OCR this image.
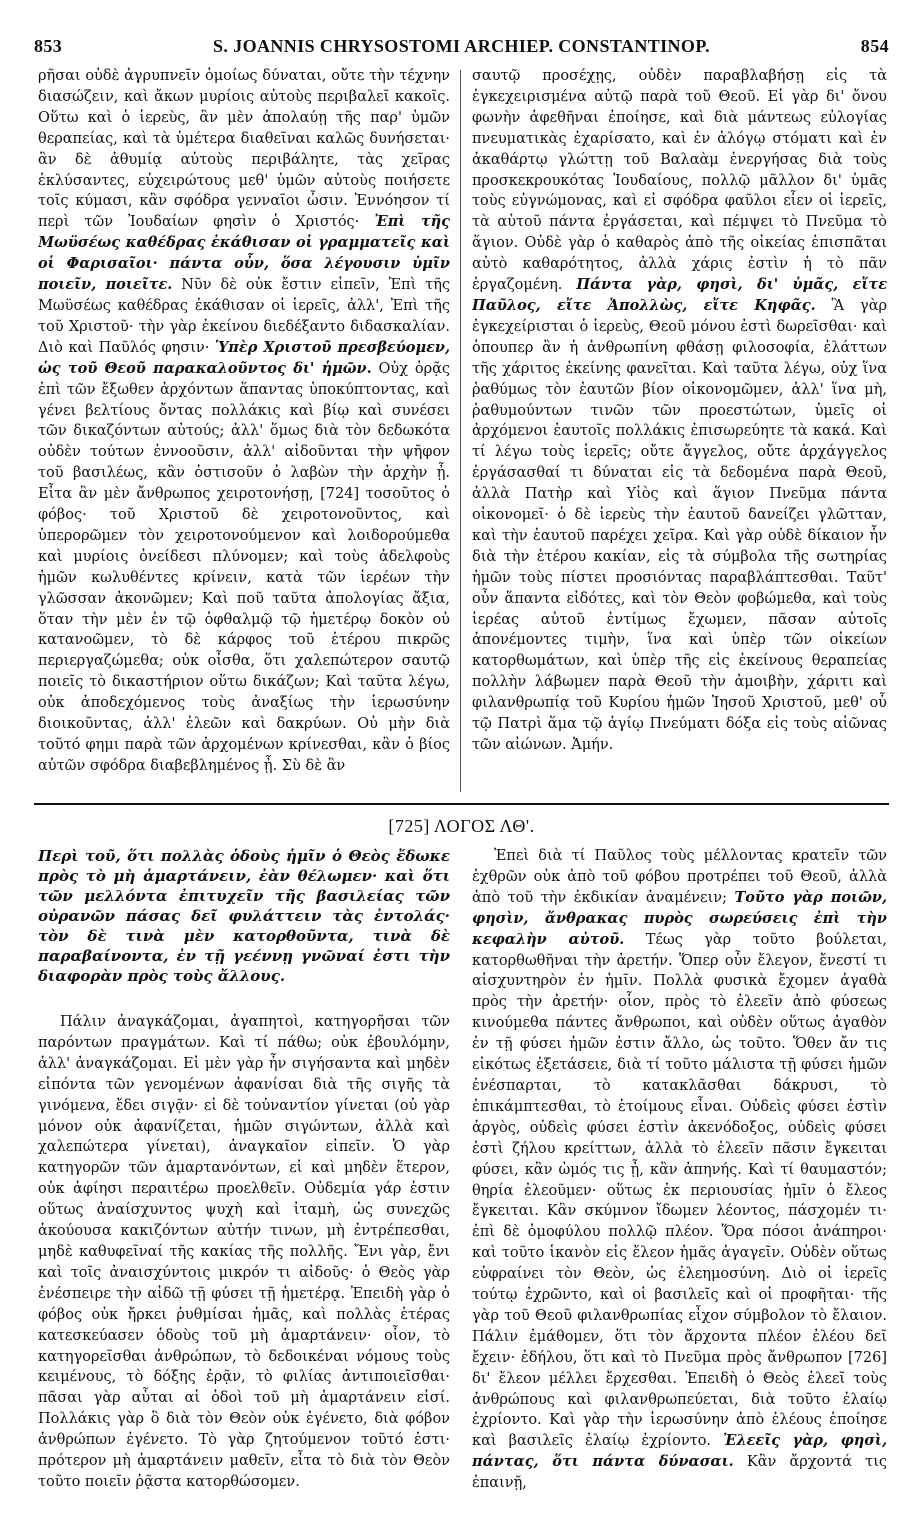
853	S. JOANNIS CHRYSOSTOMI ARCHIEP. CONSTANTINOP.	854

ρῆσαι οὐδὲ ἀγρυπνεῖν ὁμοίως δύναται, οὔτε τὴν τέχνην διασώζειν, καὶ ἄκων μυρίοις αὐτοὺς περιβαλεῖ κακοῖς. Οὕτω καὶ ὁ ἱερεὺς, ἂν μὲν ἀπολαύῃ τῆς παρ' ὑμῶν θεραπείας, καὶ τὰ ὑμέτερα διαθεῖναι καλῶς δυνήσεται· ἂν δὲ ἀθυμίᾳ αὐτοὺς περιβάλητε, τὰς χεῖρας ἐκλύσαντες, εὐχειρώτους μεθ' ὑμῶν αὐτοὺς ποιήσετε τοῖς κύμασι, κἂν σφόδρα γενναῖοι ὦσιν. Ἐννόησον τί περὶ τῶν Ἰουδαίων φησὶν ὁ Χριστός· Ἐπὶ τῆς Μωϋσέως καθέδρας ἐκάθισαν οἱ γραμματεῖς καὶ οἱ Φαρισαῖοι· πάντα οὖν, ὅσα λέγουσιν ὑμῖν ποιεῖν, ποιεῖτε. Νῦν δὲ οὐκ ἔστιν εἰπεῖν, Ἐπὶ τῆς Μωϋσέως καθέδρας ἐκάθισαν οἱ ἱερεῖς, ἀλλ', Ἐπὶ τῆς τοῦ Χριστοῦ· τὴν γὰρ ἐκείνου διεδέξαντο διδασκαλίαν. Διὸ καὶ Παῦλός φησιν· Ὑπὲρ Χριστοῦ πρεσβεύομεν, ὡς τοῦ Θεοῦ παρακαλοῦντος δι' ἡμῶν. Οὐχ ὁρᾷς ἐπὶ τῶν ἔξωθεν ἀρχόντων ἅπαντας ὑποκύπτοντας, καὶ γένει βελτίους ὄντας πολλάκις καὶ βίῳ καὶ συνέσει τῶν δικαζόντων αὐτούς; ἀλλ' ὅμως διὰ τὸν δεδωκότα οὐδὲν τούτων ἐννοοῦσιν, ἀλλ' αἰδοῦνται τὴν ψῆφον τοῦ βασιλέως, κἂν ὁστισοῦν ὁ λαβὼν τὴν ἀρχὴν ᾖ. Εἶτα ἂν μὲν ἄνθρωπος χειροτονήσῃ, [724] τοσοῦτος ὁ φόβος· τοῦ Χριστοῦ δὲ χειροτονοῦντος, καὶ ὑπερορῶμεν τὸν χειροτονούμενον καὶ λοιδορούμεθα καὶ μυρίοις ὀνείδεσι πλύνομεν; καὶ τοὺς ἀδελφοὺς ἡμῶν κωλυθέντες κρίνειν, κατὰ τῶν ἱερέων τὴν γλῶσσαν ἀκονῶμεν; Καὶ ποῦ ταῦτα ἀπολογίας ἄξια, ὅταν τὴν μὲν ἐν τῷ ὀφθαλμῷ τῷ ἡμετέρῳ δοκὸν οὐ κατανοῶμεν, τὸ δὲ κάρφος τοῦ ἑτέρου πικρῶς περιεργαζώμεθα; οὐκ οἶσθα, ὅτι χαλεπώτερον σαυτῷ ποιεῖς τὸ δικαστήριον οὕτω δικάζων; Καὶ ταῦτα λέγω, οὐκ ἀποδεχόμενος τοὺς ἀναξίως τὴν ἱερωσύνην διοικοῦντας, ἀλλ' ἐλεῶν καὶ δακρύων. Οὐ μὴν διὰ τοῦτό φημι παρὰ τῶν ἀρχομένων κρίνεσθαι, κἂν ὁ βίος αὐτῶν σφόδρα διαβεβλημένος ᾖ. Σὺ δὲ ἂν

σαυτῷ προσέχῃς, οὐδὲν παραβλαβήσῃ εἰς τὰ ἐγκεχειρισμένα αὐτῷ παρὰ τοῦ Θεοῦ. Εἰ γὰρ δι' ὄνου φωνὴν ἀφεθῆναι ἐποίησε, καὶ διὰ μάντεως εὐλογίας πνευματικὰς ἐχαρίσατο, καὶ ἐν ἀλόγῳ στόματι καὶ ἐν ἀκαθάρτῳ γλώττῃ τοῦ Βαλαὰμ ἐνεργήσας διὰ τοὺς προσκεκρουκότας Ἰουδαίους, πολλῷ μᾶλλον δι' ὑμᾶς τοὺς εὐγνώμονας, καὶ εἰ σφόδρα φαῦλοι εἶεν οἱ ἱερεῖς, τὰ αὑτοῦ πάντα ἐργάσεται, καὶ πέμψει τὸ Πνεῦμα τὸ ἅγιον. Οὐδὲ γὰρ ὁ καθαρὸς ἀπὸ τῆς οἰκείας ἐπισπᾶται αὐτὸ καθαρότητος, ἀλλὰ χάρις ἐστὶν ἡ τὸ πᾶν ἐργαζομένη. Πάντα γὰρ, φησὶ, δι' ὑμᾶς, εἴτε Παῦλος, εἴτε Ἀπολλὼς, εἴτε Κηφᾶς. Ἃ γὰρ ἐγκεχείρισται ὁ ἱερεὺς, Θεοῦ μόνου ἐστὶ δωρεῖσθαι· καὶ ὁπουπερ ἂν ἡ ἀνθρωπίνη φθάσῃ φιλοσοφία, ἐλάττων τῆς χάριτος ἐκείνης φανεῖται. Καὶ ταῦτα λέγω, οὐχ ἵνα ῥαθύμως τὸν ἑαυτῶν βίον οἰκονομῶμεν, ἀλλ' ἵνα μὴ, ῥαθυμούντων τινῶν τῶν προεστώτων, ὑμεῖς οἱ ἀρχόμενοι ἑαυτοῖς πολλάκις ἐπισωρεύητε τὰ κακά. Καὶ τί λέγω τοὺς ἱερεῖς; οὔτε ἄγγελος, οὔτε ἀρχάγγελος ἐργάσασθαί τι δύναται εἰς τὰ δεδομένα παρὰ Θεοῦ, ἀλλὰ Πατὴρ καὶ Υἱὸς καὶ ἅγιον Πνεῦμα πάντα οἰκονομεῖ· ὁ δὲ ἱερεὺς τὴν ἑαυτοῦ δανείζει γλῶτταν, καὶ τὴν ἑαυτοῦ παρέχει χεῖρα. Καὶ γὰρ οὐδὲ δίκαιον ἦν διὰ τὴν ἑτέρου κακίαν, εἰς τὰ σύμβολα τῆς σωτηρίας ἡμῶν τοὺς πίστει προσιόντας παραβλάπτεσθαι. Ταῦτ' οὖν ἅπαντα εἰδότες, καὶ τὸν Θεὸν φοβώμεθα, καὶ τοὺς ἱερέας αὐτοῦ ἐντίμως ἔχωμεν, πᾶσαν αὐτοῖς ἀπονέμοντες τιμὴν, ἵνα καὶ ὑπὲρ τῶν οἰκείων κατορθωμάτων, καὶ ὑπὲρ τῆς εἰς ἐκείνους θεραπείας πολλὴν λάβωμεν παρὰ Θεοῦ τὴν ἀμοιβὴν, χάριτι καὶ φιλανθρωπίᾳ τοῦ Κυρίου ἡμῶν Ἰησοῦ Χριστοῦ, μεθ' οὗ τῷ Πατρὶ ἅμα τῷ ἁγίῳ Πνεύματι δόξα εἰς τοὺς αἰῶνας τῶν αἰώνων. Ἀμήν.

[725] ΛΟΓΟΣ ΛΘ'.

Περὶ τοῦ, ὅτι πολλὰς ὁδοὺς ἡμῖν ὁ Θεὸς ἔδωκε πρὸς τὸ μὴ ἁμαρτάνειν, ἐὰν θέλωμεν· καὶ ὅτι τῶν μελλόντα ἐπιτυχεῖν τῆς βασιλείας τῶν οὐρανῶν πάσας δεῖ φυλάττειν τὰς ἐντολάς· τὸν δὲ τινὰ μὲν κατορθοῦντα, τινὰ δὲ παραβαίνοντα, ἐν τῇ γεέννῃ γνῶναί ἐστι τὴν διαφορὰν πρὸς τοὺς ἄλλους.

Πάλιν ἀναγκάζομαι, ἀγαπητοὶ, κατηγορῆσαι τῶν παρόντων πραγμάτων. Καὶ τί πάθω; οὐκ ἐβουλόμην, ἀλλ' ἀναγκάζομαι. Εἰ μὲν γὰρ ἦν σιγήσαντα καὶ μηδὲν εἰπόντα τῶν γενομένων ἀφανίσαι διὰ τῆς σιγῆς τὰ γινόμενα, ἔδει σιγᾷν· εἰ δὲ τοὐναντίον γίνεται (οὐ γὰρ μόνον οὐκ ἀφανίζεται, ἡμῶν σιγώντων, ἀλλὰ καὶ χαλεπώτερα γίνεται), ἀναγκαῖον εἰπεῖν. Ὁ γὰρ κατηγορῶν τῶν ἁμαρτανόντων, εἰ καὶ μηδὲν ἕτερον, οὐκ ἀφίησι περαιτέρω προελθεῖν. Οὐδεμία γάρ ἐστιν οὕτως ἀναίσχυντος ψυχὴ καὶ ἰταμὴ, ὡς συνεχῶς ἀκούουσα κακιζόντων αὐτήν τινων, μὴ ἐντρέπεσθαι, μηδὲ καθυφεῖναί τῆς κακίας τῆς πολλῆς. Ἔνι γὰρ, ἔνι καὶ τοῖς ἀναισχύντοις μικρόν τι αἰδοῦς· ὁ Θεὸς γὰρ ἐνέσπειρε τὴν αἰδῶ τῇ φύσει τῇ ἡμετέρᾳ. Ἐπειδὴ γὰρ ὁ φόβος οὐκ ἤρκει ῥυθμίσαι ἡμᾶς, καὶ πολλὰς ἑτέρας κατεσκεύασεν ὁδοὺς τοῦ μὴ ἁμαρτάνειν· οἷον, τὸ κατηγορεῖσθαι ἀνθρώπων, τὸ δεδοικέναι νόμους τοὺς κειμένους, τὸ δόξης ἐρᾷν, τὸ φιλίας ἀντιποιεῖσθαι· πᾶσαι γὰρ αὗται αἱ ὁδοὶ τοῦ μὴ ἁμαρτάνειν εἰσί. Πολλάκις γὰρ ὃ διὰ τὸν Θεὸν οὐκ ἐγένετο, διὰ φόβον ἀνθρώπων ἐγένετο. Τὸ γὰρ ζητούμενον τοῦτό ἐστι· πρότερον μὴ ἁμαρτάνειν μαθεῖν, εἶτα τὸ διὰ τὸν Θεὸν τοῦτο ποιεῖν ῥᾷστα κατορθώσομεν.

Ἐπεὶ διὰ τί Παῦλος τοὺς μέλλοντας κρατεῖν τῶν ἐχθρῶν οὐκ ἀπὸ τοῦ φόβου προτρέπει τοῦ Θεοῦ, ἀλλὰ ἀπὸ τοῦ τὴν ἐκδικίαν ἀναμένειν; Τοῦτο γὰρ ποιῶν, φησὶν, ἄνθρακας πυρὸς σωρεύσεις ἐπὶ τὴν κεφαλὴν αὐτοῦ. Τέως γὰρ τοῦτο βούλεται, κατορθωθῆναι τὴν ἀρετήν. Ὅπερ οὖν ἔλεγον, ἔνεστί τι αἰσχυντηρὸν ἐν ἡμῖν. Πολλὰ φυσικὰ ἔχομεν ἀγαθὰ πρὸς τὴν ἀρετήν· οἷον, πρὸς τὸ ἐλεεῖν ἀπὸ φύσεως κινούμεθα πάντες ἄνθρωποι, καὶ οὐδὲν οὕτως ἀγαθὸν ἐν τῇ φύσει ἡμῶν ἐστιν ἄλλο, ὡς τοῦτο. Ὅθεν ἄν τις εἰκότως ἐξετάσειε, διὰ τί τοῦτο μάλιστα τῇ φύσει ἡμῶν ἐνέσπαρται, τὸ κατακλᾶσθαι δάκρυσι, τὸ ἐπικάμπτεσθαι, τὸ ἑτοίμους εἶναι. Οὐδεὶς φύσει ἐστὶν ἀργὸς, οὐδεὶς φύσει ἐστὶν ἀκενόδοξος, οὐδεὶς φύσει ἐστὶ ζήλου κρείττων, ἀλλὰ τὸ ἐλεεῖν πᾶσιν ἔγκειται φύσει, κἂν ὠμός τις ᾖ, κἂν ἀπηνής. Καὶ τί θαυμαστόν; θηρία ἐλεοῦμεν· οὕτως ἐκ περιουσίας ἡμῖν ὁ ἔλεος ἔγκειται. Κἂν σκύμνον ἴδωμεν λέοντος, πάσχομέν τι· ἐπὶ δὲ ὁμοφύλου πολλῷ πλέον. Ὅρα πόσοι ἀνάπηροι· καὶ τοῦτο ἱκανὸν εἰς ἔλεον ἡμᾶς ἀγαγεῖν. Οὐδὲν οὕτως εὐφραίνει τὸν Θεὸν, ὡς ἐλεημοσύνη. Διὸ οἱ ἱερεῖς τούτῳ ἐχρῶντο, καὶ οἱ βασιλεῖς καὶ οἱ προφῆται· τῆς γὰρ τοῦ Θεοῦ φιλανθρωπίας εἶχον σύμβολον τὸ ἔλαιον. Πάλιν ἐμάθομεν, ὅτι τὸν ἄρχοντα πλέον ἐλέου δεῖ ἔχειν· ἐδήλου, ὅτι καὶ τὸ Πνεῦμα πρὸς ἄνθρωπον [726] δι' ἔλεον μέλλει ἔρχεσθαι. Ἐπειδὴ ὁ Θεὸς ἐλεεῖ τοὺς ἀνθρώπους καὶ φιλανθρωπεύεται, διὰ τοῦτο ἐλαίῳ ἐχρίοντο. Καὶ γὰρ τὴν ἱερωσύνην ἀπὸ ἐλέους ἐποίησε καὶ βασιλεῖς ἐλαίῳ ἐχρίοντο. Ἐλεεῖς γὰρ, φησὶ, πάντας, ὅτι πάντα δύνασαι. Κἂν ἄρχοντά τις ἐπαινῇ,
